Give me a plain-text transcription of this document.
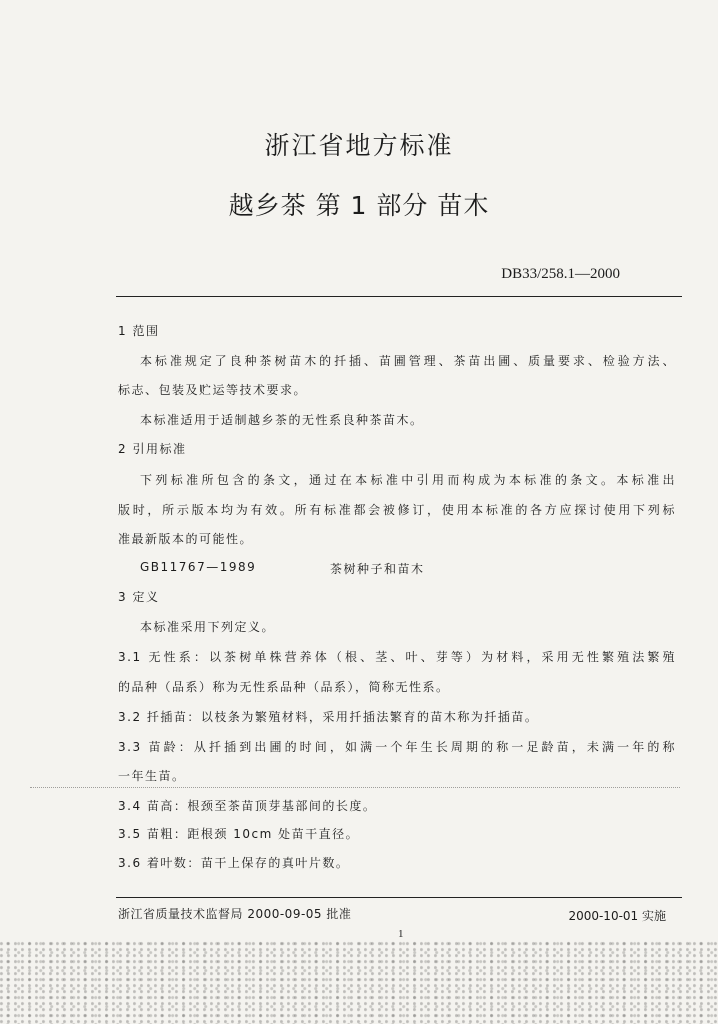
浙江省地方标准
越乡茶 第 1 部分 苗木
DB33/258.1—2000
1 范围
本标准规定了良种茶树苗木的扦插、苗圃管理、茶苗出圃、质量要求、检验方法、
标志、包装及贮运等技术要求。
本标准适用于适制越乡茶的无性系良种茶苗木。
2 引用标准
下列标准所包含的条文，通过在本标准中引用而构成为本标准的条文。本标准出
版时，所示版本均为有效。所有标准都会被修订，使用本标准的各方应探讨使用下列标
准最新版本的可能性。
GB11767—1989	茶树种子和苗木
3 定义
本标准采用下列定义。
3.1 无性系：以茶树单株营养体（根、茎、叶、芽等）为材料，采用无性繁殖法繁殖
的品种（品系）称为无性系品种（品系），简称无性系。
3.2 扦插苗：以枝条为繁殖材料，采用扦插法繁育的苗木称为扦插苗。
3.3 苗龄：从扦插到出圃的时间，如满一个年生长周期的称一足龄苗，未满一年的称
一年生苗。
3.4 苗高：根颈至茶苗顶芽基部间的长度。
3.5 苗粗：距根颈 10cm 处苗干直径。
3.6 着叶数：苗干上保存的真叶片数。
浙江省质量技术监督局 2000-09-05 批准	2000-10-01 实施
1
